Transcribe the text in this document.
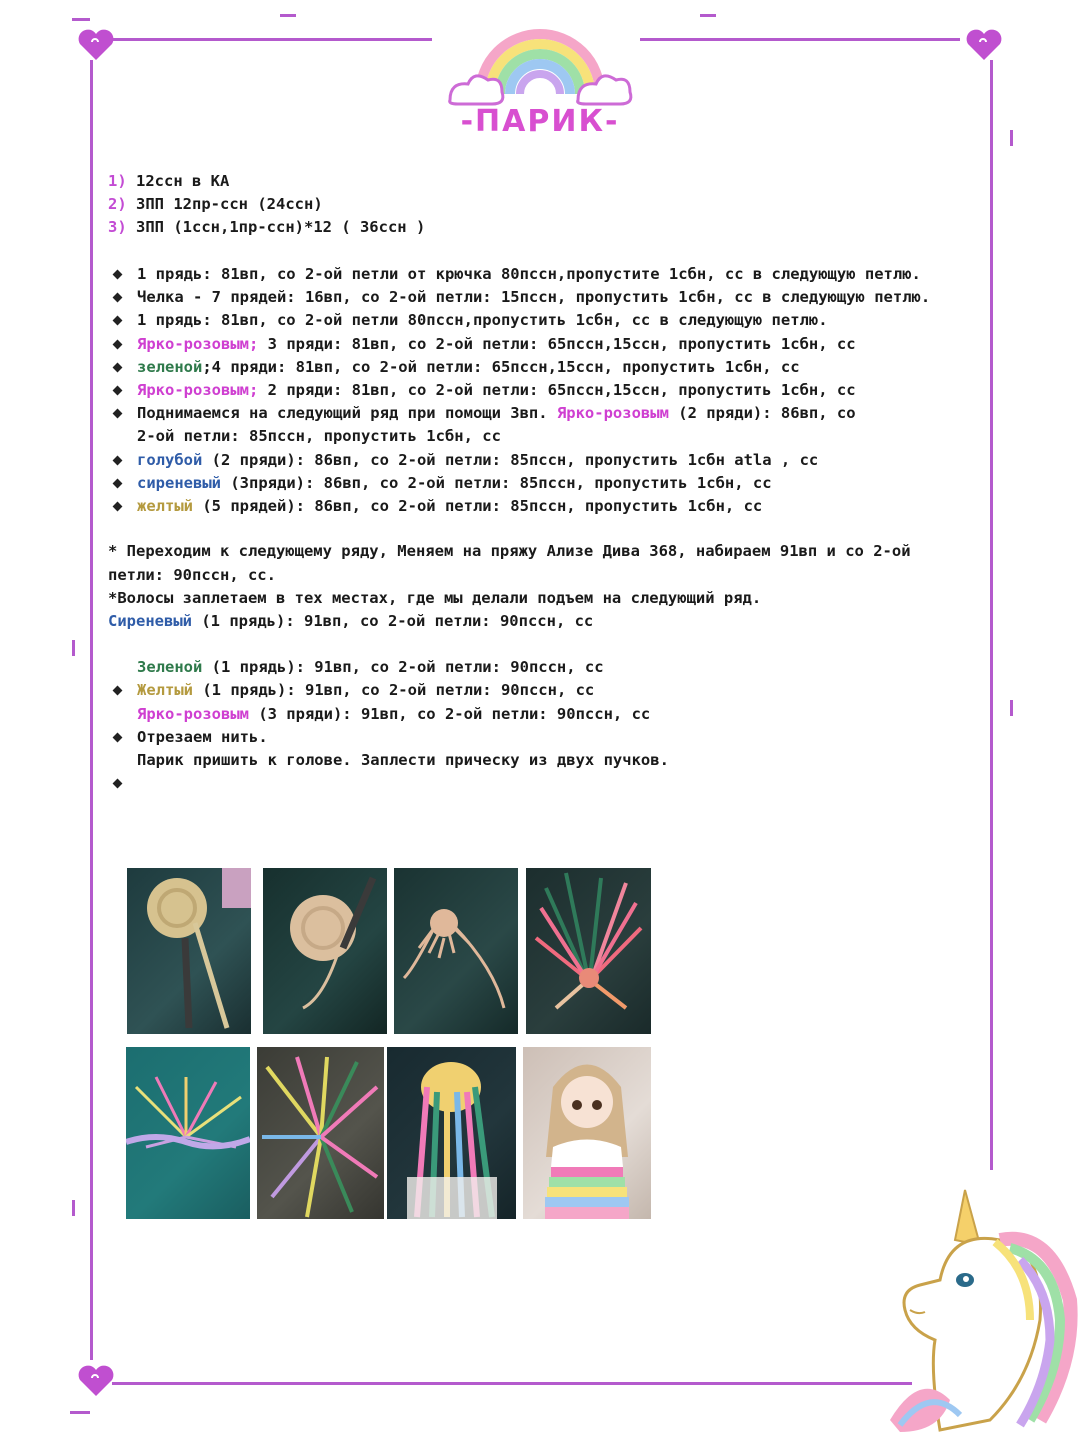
-ПАРИК-
1) 12ссн в КА
2) 3ПП 12пр-ссн (24ссн)
3) 3ПП (1ссн,1пр-ссн)*12 ( 36ссн )
1 прядь: 81вп, со 2-ой петли от крючка 80пссн,пропустите 1сбн, сс в следующую петлю.
Челка - 7 прядей: 16вп, со 2-ой петли: 15пссн, пропустить 1сбн, сс в следующую петлю.
1 прядь: 81вп, со 2-ой петли 80пссн,пропустить 1сбн, сс в следующую петлю.
Ярко-розовым; 3 пряди: 81вп, со 2-ой петли: 65пссн,15ссн, пропустить 1сбн, сс
зеленой;4 пряди: 81вп, со 2-ой петли: 65пссн,15ссн, пропустить 1сбн, сс
Ярко-розовым; 2 пряди: 81вп, со 2-ой петли: 65пссн,15ссн, пропустить 1сбн, сс
Поднимаемся на следующий ряд при помощи 3вп. Ярко-розовым (2 пряди): 86вп, со
2-ой петли: 85пссн, пропустить 1сбн, сс
голубой (2 пряди): 86вп, со 2-ой петли: 85пссн, пропустить 1сбн atla , сс
сиреневый (3пряди): 86вп, со 2-ой петли: 85пссн, пропустить 1сбн, сс
желтый (5 прядей): 86вп, со 2-ой петли: 85пссн, пропустить 1сбн, сс
* Переходим к следующему ряду, Меняем на пряжу Ализе Дива 368, набираем 91вп и со 2-ой
петли: 90пссн, сс.
*Волосы заплетаем в тех местах, где мы делали подъем на следующий ряд.
Сиреневый (1 прядь): 91вп, со 2-ой петли: 90пссн, сс
Зеленой (1 прядь): 91вп, со 2-ой петли: 90пссн, сс
Желтый (1 прядь): 91вп, со 2-ой петли: 90пссн, сс
Ярко-розовым (3 пряди): 91вп, со 2-ой петли: 90пссн, сс
Отрезаем нить.
Парик пришить к голове. Заплести прическу из двух пучков.
